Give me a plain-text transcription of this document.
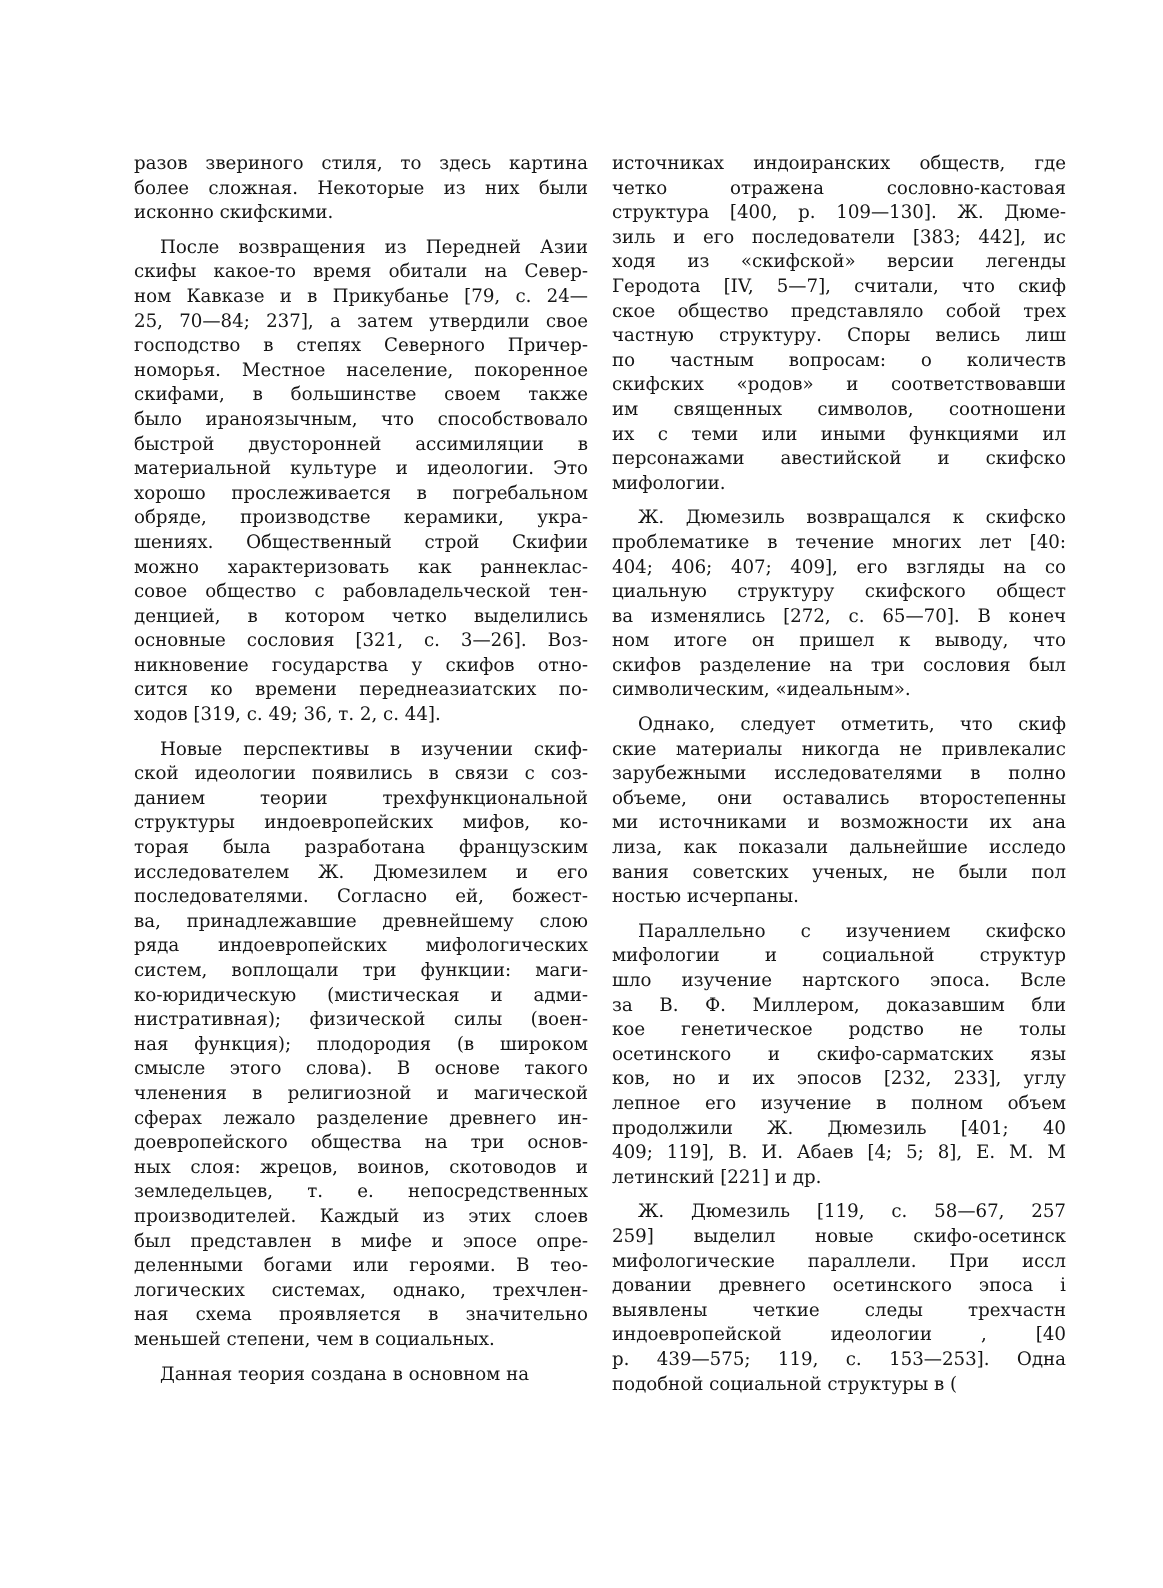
разов звериного стиля, то здесь картина
более сложная. Некоторые из них были
исконно скифскими.
После возвращения из Передней Азии
скифы какое-то время обитали на Север-
ном Кавказе и в Прикубанье [79, с. 24—
25, 70—84; 237], а затем утвердили свое
господство в степях Северного Причер-
номорья. Местное население, покоренное
скифами, в большинстве своем также
было ираноязычным, что способствовало
быстрой двусторонней ассимиляции в
материальной культуре и идеологии. Это
хорошо прослеживается в погребальном
обряде, производстве керамики, укра-
шениях. Общественный строй Скифии
можно характеризовать как раннеклас-
совое общество с рабовладельческой тен-
денцией, в котором четко выделились
основные сословия [321, с. 3—26]. Воз-
никновение государства у скифов отно-
сится ко времени переднеазиатских по-
ходов [319, с. 49; 36, т. 2, с. 44].
Новые перспективы в изучении скиф-
ской идеологии появились в связи с соз-
данием теории трехфункциональной
структуры индоевропейских мифов, ко-
торая была разработана французским
исследователем Ж. Дюмезилем и его
последователями. Согласно ей, божест-
ва, принадлежавшие древнейшему слою
ряда индоевропейских мифологических
систем, воплощали три функции: маги-
ко-юридическую (мистическая и адми-
нистративная); физической силы (воен-
ная функция); плодородия (в широком
смысле этого слова). В основе такого
членения в религиозной и магической
сферах лежало разделение древнего ин-
доевропейского общества на три основ-
ных слоя: жрецов, воинов, скотоводов и
земледельцев, т. е. непосредственных
производителей. Каждый из этих слоев
был представлен в мифе и эпосе опре-
деленными богами или героями. В тео-
логических системах, однако, трехчлен-
ная схема проявляется в значительно
меньшей степени, чем в социальных.
Данная теория создана в основном на
источниках индоиранских обществ, где
четко отражена сословно-кастовая
структура [400, р. 109—130]. Ж. Дюме-
зиль и его последователи [383; 442], ис
ходя из «скифской» версии легенды
Геродота [IV, 5—7], считали, что скиф
ское общество представляло собой трех
частную структуру. Споры велись лиш
по частным вопросам: о количеств
скифских «родов» и соответствовавши
им священных символов, соотношени
их с теми или иными функциями ил
персонажами авестийской и скифско
мифологии.
Ж. Дюмезиль возвращался к скифско
проблематике в течение многих лет [40:
404; 406; 407; 409], его взгляды на со
циальную структуру скифского общест
ва изменялись [272, с. 65—70]. В конеч
ном итоге он пришел к выводу, что
скифов разделение на три сословия был
символическим, «идеальным».
Однако, следует отметить, что скиф
ские материалы никогда не привлекалис
зарубежными исследователями в полно
объеме, они оставались второстепенны
ми источниками и возможности их ана
лиза, как показали дальнейшие исследо
вания советских ученых, не были пол
ностью исчерпаны.
Параллельно с изучением скифско
мифологии и социальной структур
шло изучение нартского эпоса. Всле
за В. Ф. Миллером, доказавшим бли
кое генетическое родство не толы
осетинского и скифо-сарматских язы
ков, но и их эпосов [232, 233], углу
лепное его изучение в полном объем
продолжили Ж. Дюмезиль [401; 40
409; 119], В. И. Абаев [4; 5; 8], Е. М. М
летинский [221] и др.
Ж. Дюмезиль [119, с. 58—67, 257
259] выделил новые скифо-осетинск
мифологические параллели. При иссл
довании древнего осетинского эпоса і
выявлены четкие следы трехчастн
индоевропейской идеологии , [40
р. 439—575; 119, с. 153—253]. Одна
подобной социальной структуры в (
